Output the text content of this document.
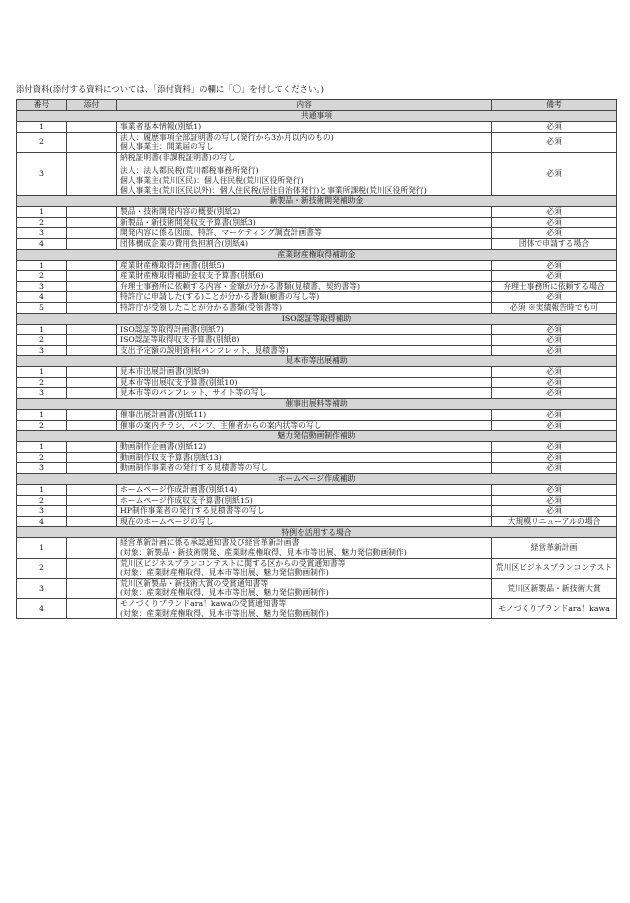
添付資料(添付する資料については、「添付資料」の欄に「〇」を付してください。)
番号	添付	内容	備考
共通事項			
1		事業者基本情報(別紙1)	必須
2		法人：履歴事項全部証明書の写し(発行から3か月以内のもの)
個人事業主：開業届の写し	必須
3		納税証明書(非課税証明書)の写し
法人：法人都民税(荒川都税事務所発行)
個人事業主(荒川区民)：個人住民税(荒川区役所発行)
個人事業主(荒川区民以外)：個人住民税(居住自治体発行)と事業所課税(荒川区役所発行)	必須
新製品・新技術開発補助金			
1		製品・技術開発内容の概要(別紙2)	必須
2		新製品・新技術開発収支予算書(別紙3)	必須
3		開発内容に係る図面、特許、マーケティング調査計画書等	必須
4		団体構成企業の費用負担割合(別紙4)	団体で申請する場合
産業財産権取得補助金			
1		産業財産権取得計画書(別紙5)	必須
2		産業財産権取得補助金収支予算書(別紙6)	必須
3		弁理士事務所に依頼する内容・金額が分かる書類(見積書、契約書等)	弁理士事務所に依頼する場合
4		特許庁に申請した(する)ことが分かる書類(願書の写し等)	必須
5		特許庁が受領したことが分かる書類(受領書等)	必須 ※実績報告時でも可
ISO認証等取得補助			
1		ISO認証等取得計画書(別紙7)	必須
2		ISO認証等取得収支予算書(別紙8)	必須
3		支出予定額の説明資料(パンフレット、見積書等)	必須
見本市等出展補助			
1		見本市出展計画書(別紙9)	必須
2		見本市等出展収支予算書(別紙10)	必須
3		見本市等のパンフレット、サイト等の写し	必須
催事出展料等補助			
1		催事出展計画書(別紙11)	必須
2		催事の案内チラシ、パンフ、主催者からの案内状等の写し	必須
魅力発信動画制作補助			
1		動画制作企画書(別紙12)	必須
2		動画制作収支予算書(別紙13)	必須
3		動画制作事業者の発行する見積書等の写し	必須
ホームページ作成補助			
1		ホームページ作成計画書(別紙14)	必須
2		ホームページ作成収支予算書(別紙15)	必須
3		HP制作事業者の発行する見積書等の写し	必須
4		現在のホームページの写し	大規模リニューアルの場合
特例を活用する場合			
1		経営革新計画に係る承認通知書及び経営革新計画書
(対象：新製品・新技術開発、産業財産権取得、見本市等出展、魅力発信動画制作)	経営革新計画
2		荒川区ビジネスプランコンテストに関する区からの受賞通知書等
(対象：産業財産権取得、見本市等出展、魅力発信動画制作)	荒川区ビジネスプランコンテスト
3		荒川区新製品・新技術大賞の受賞通知書等
(対象：産業財産権取得、見本市等出展、魅力発信動画制作)	荒川区新製品・新技術大賞
4		モノづくりブランドara！kawaの受賞通知書等
(対象：産業財産権取得、見本市等出展、魅力発信動画制作)	モノづくりブランドara！kawa
